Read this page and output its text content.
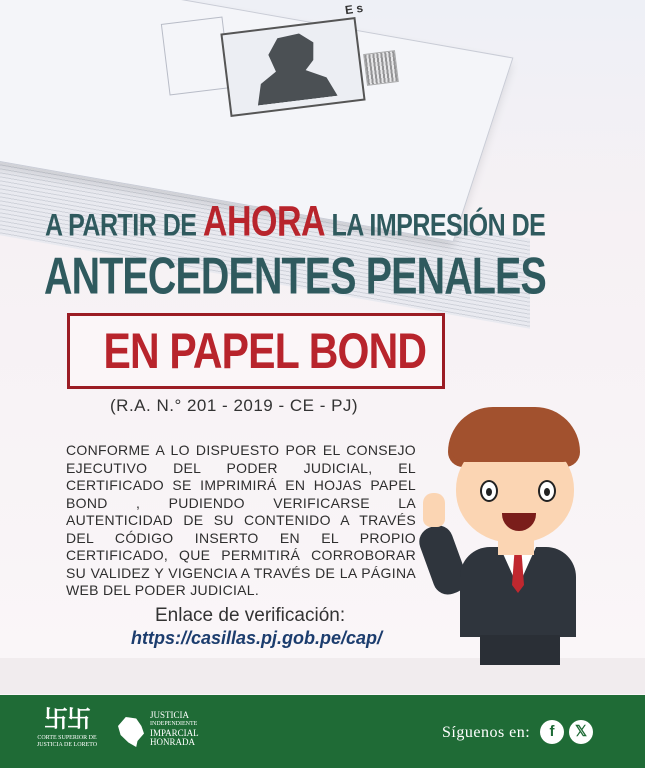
E s
A PARTIR DE AHORA LA IMPRESIÓN DE
ANTECEDENTES PENALES
EN PAPEL BOND
(R.A. N.° 201 - 2019 - CE - PJ)
CONFORME A LO DISPUESTO POR EL CONSEJO EJECUTIVO DEL PODER JUDICIAL, EL CERTIFICADO SE IMPRIMIRÁ EN HOJAS PAPEL BOND , PUDIENDO VERIFICARSE LA AUTENTICIDAD DE SU CONTENIDO A TRAVÉS DEL CÓDIGO INSERTO EN EL PROPIO CERTIFICADO, QUE PERMITIRÁ CORROBORAR SU VALIDEZ Y VIGENCIA A TRAVÉS DE LA PÁGINA WEB DEL PODER JUDICIAL.
Enlace de verificación:
https://casillas.pj.gob.pe/cap/
卐卐
CORTE SUPERIOR DE JUSTICIA DE LORETO
JUSTICIA
INDEPENDIENTE
IMPARCIAL
HONRADA
Síguenos en:	f	𝕏
